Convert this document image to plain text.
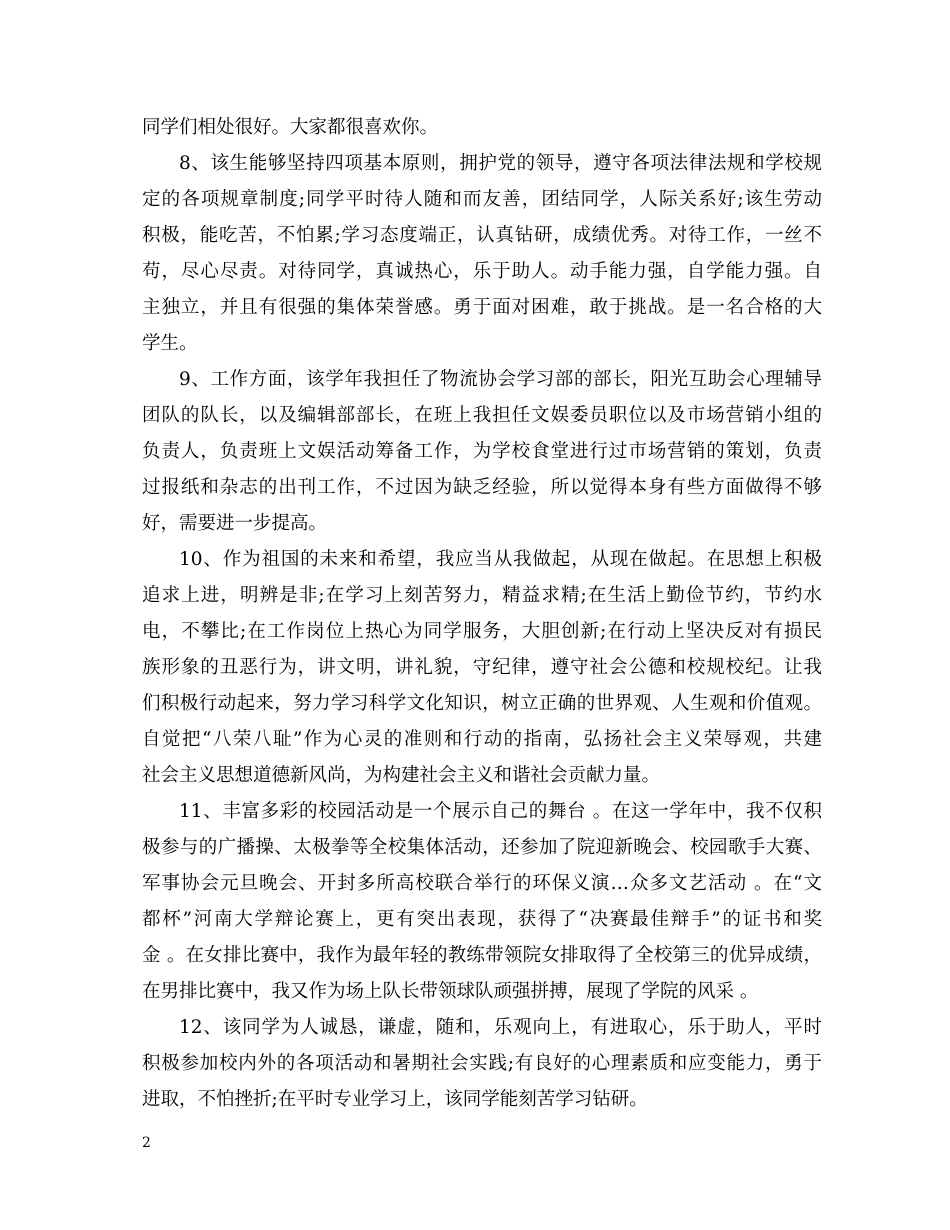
同学们相处很好。大家都很喜欢你。
8、该生能够坚持四项基本原则，拥护党的领导，遵守各项法律法规和学校规
定的各项规章制度;同学平时待人随和而友善，团结同学，人际关系好;该生劳动
积极，能吃苦，不怕累;学习态度端正，认真钻研，成绩优秀。对待工作，一丝不
苟，尽心尽责。对待同学，真诚热心，乐于助人。动手能力强，自学能力强。自
主独立，并且有很强的集体荣誉感。勇于面对困难，敢于挑战。是一名合格的大
学生。
9、工作方面，该学年我担任了物流协会学习部的部长，阳光互助会心理辅导
团队的队长，以及编辑部部长，在班上我担任文娱委员职位以及市场营销小组的
负责人，负责班上文娱活动筹备工作，为学校食堂进行过市场营销的策划，负责
过报纸和杂志的出刊工作，不过因为缺乏经验，所以觉得本身有些方面做得不够
好，需要进一步提高。
10、作为祖国的未来和希望，我应当从我做起，从现在做起。在思想上积极
追求上进，明辨是非;在学习上刻苦努力，精益求精;在生活上勤俭节约，节约水
电，不攀比;在工作岗位上热心为同学服务，大胆创新;在行动上坚决反对有损民
族形象的丑恶行为，讲文明，讲礼貌，守纪律，遵守社会公德和校规校纪。让我
们积极行动起来，努力学习科学文化知识，树立正确的世界观、人生观和价值观。
自觉把“八荣八耻”作为心灵的准则和行动的指南，弘扬社会主义荣辱观，共建
社会主义思想道德新风尚，为构建社会主义和谐社会贡献力量。
11、丰富多彩的校园活动是一个展示自己的舞台 。在这一学年中，我不仅积
极参与的广播操、太极拳等全校集体活动，还参加了院迎新晚会、校园歌手大赛、
军事协会元旦晚会、开封多所高校联合举行的环保义演…众多文艺活动 。在“文
都杯”河南大学辩论赛上，更有突出表现，获得了“决赛最佳辩手”的证书和奖
金 。在女排比赛中，我作为最年轻的教练带领院女排取得了全校第三的优异成绩，
在男排比赛中，我又作为场上队长带领球队顽强拼搏，展现了学院的风采 。
12、该同学为人诚恳，谦虚，随和，乐观向上，有进取心，乐于助人，平时
积极参加校内外的各项活动和暑期社会实践;有良好的心理素质和应变能力，勇于
进取，不怕挫折;在平时专业学习上，该同学能刻苦学习钻研。
2
